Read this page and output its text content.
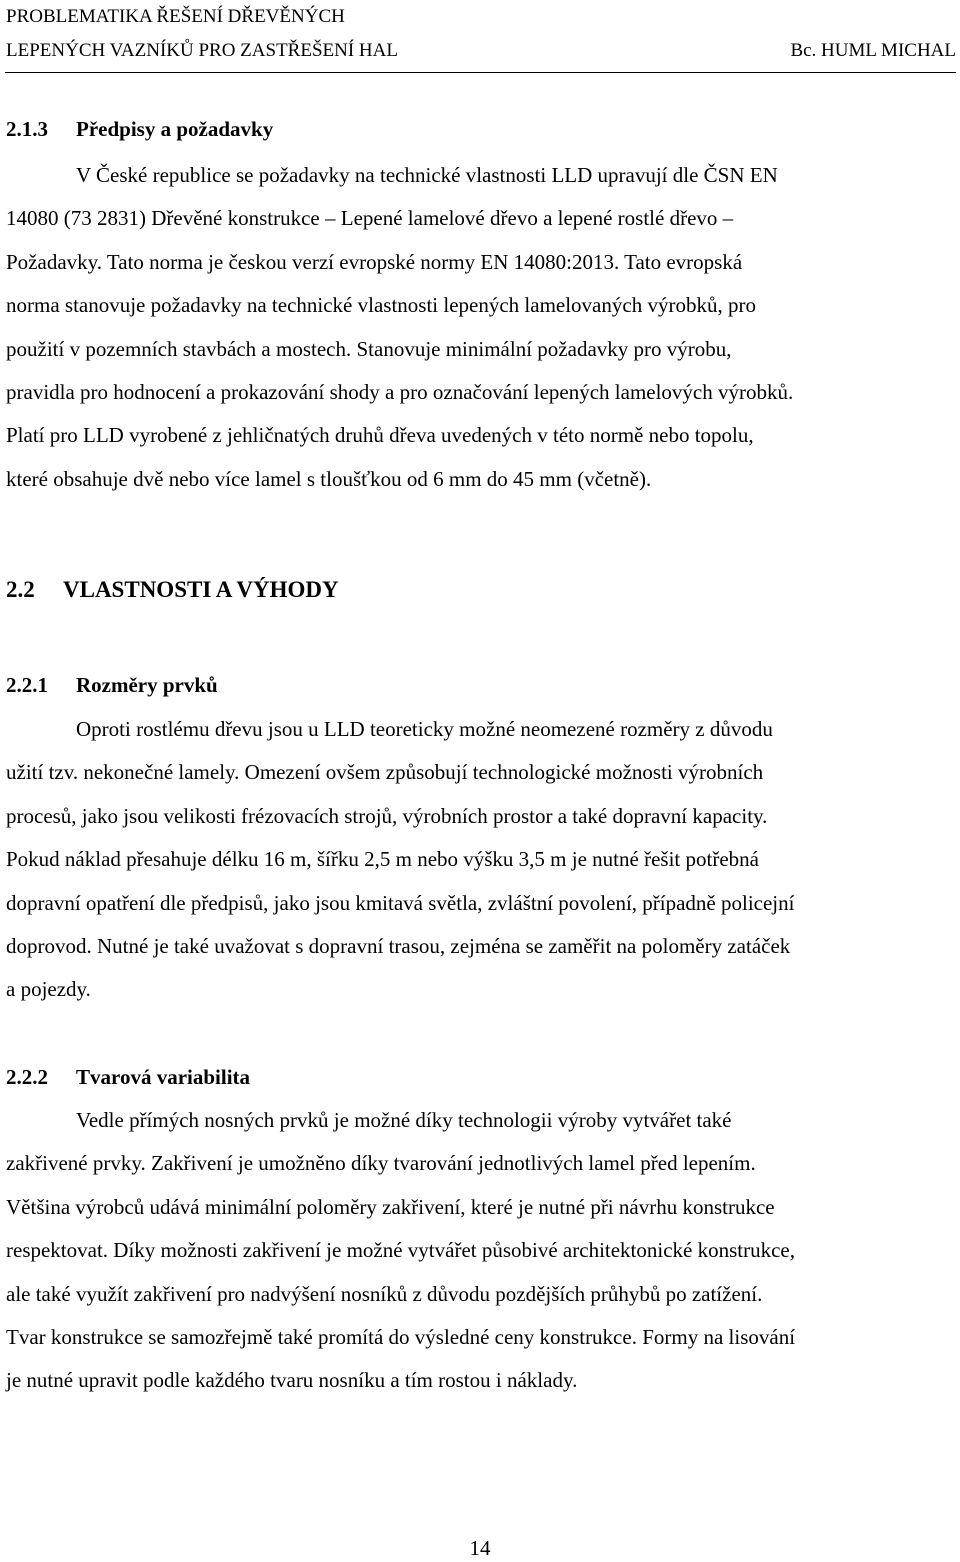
PROBLEMATIKA ŘEŠENÍ DŘEVĚNÝCH
LEPENÝCH VAZNÍKŮ PRO ZASTŘEŠENÍ HAL	Bc. HUML MICHAL
2.1.3 Předpisy a požadavky
V České republice se požadavky na technické vlastnosti LLD upravují dle ČSN EN
14080 (73 2831) Dřevěné konstrukce – Lepené lamelové dřevo a lepené rostlé dřevo –
Požadavky. Tato norma je českou verzí evropské normy EN 14080:2013. Tato evropská
norma stanovuje požadavky na technické vlastnosti lepených lamelovaných výrobků, pro
použití v pozemních stavbách a mostech. Stanovuje minimální požadavky pro výrobu,
pravidla pro hodnocení a prokazování shody a pro označování lepených lamelových výrobků.
Platí pro LLD vyrobené z jehličnatých druhů dřeva uvedených v této normě nebo topolu,
které obsahuje dvě nebo více lamel s tloušťkou od 6 mm do 45 mm (včetně).
2.2 VLASTNOSTI A VÝHODY
2.2.1 Rozměry prvků
Oproti rostlému dřevu jsou u LLD teoreticky možné neomezené rozměry z důvodu
užití tzv. nekonečné lamely. Omezení ovšem způsobují technologické možnosti výrobních
procesů, jako jsou velikosti frézovacích strojů, výrobních prostor a také dopravní kapacity.
Pokud náklad přesahuje délku 16 m, šířku 2,5 m nebo výšku 3,5 m je nutné řešit potřebná
dopravní opatření dle předpisů, jako jsou kmitavá světla, zvláštní povolení, případně policejní
doprovod. Nutné je také uvažovat s dopravní trasou, zejména se zaměřit na poloměry zatáček
a pojezdy.
2.2.2 Tvarová variabilita
Vedle přímých nosných prvků je možné díky technologii výroby vytvářet také
zakřivené prvky. Zakřivení je umožněno díky tvarování jednotlivých lamel před lepením.
Většina výrobců udává minimální poloměry zakřivení, které je nutné při návrhu konstrukce
respektovat. Díky možnosti zakřivení je možné vytvářet působivé architektonické konstrukce,
ale také využít zakřivení pro nadvýšení nosníků z důvodu pozdějších průhybů po zatížení.
Tvar konstrukce se samozřejmě také promítá do výsledné ceny konstrukce. Formy na lisování
je nutné upravit podle každého tvaru nosníku a tím rostou i náklady.
14
